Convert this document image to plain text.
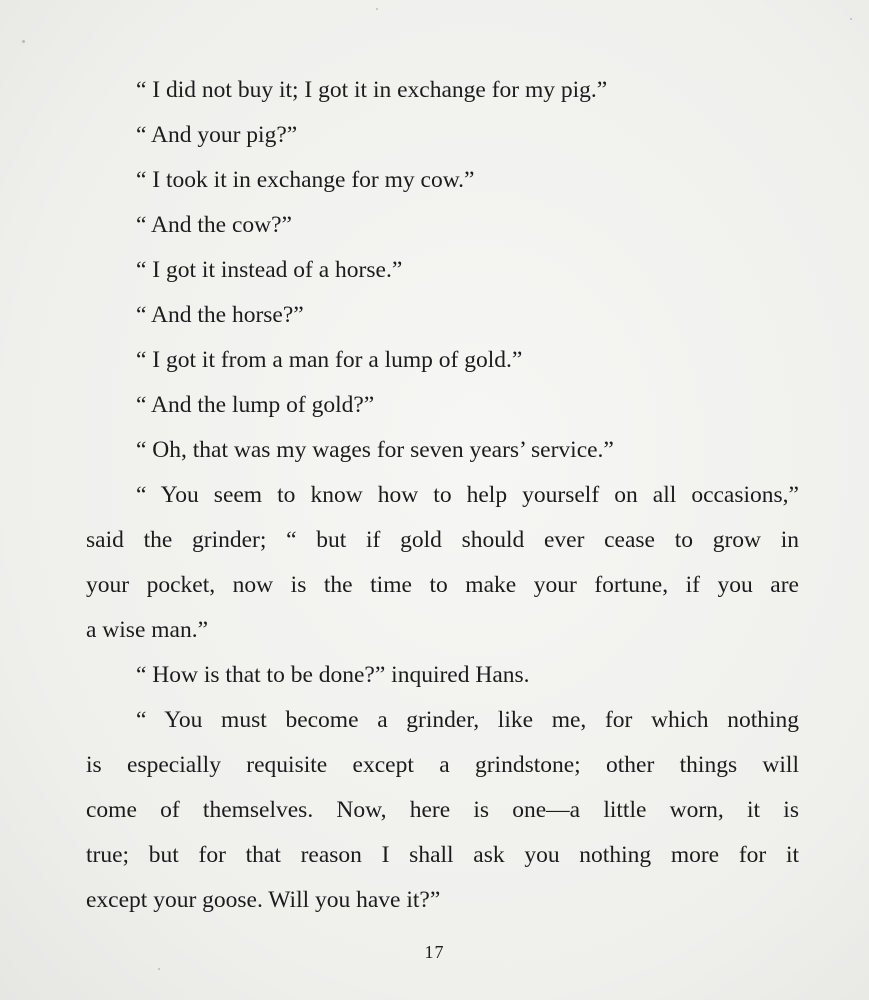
“ I did not buy it; I got it in exchange for my pig.”
“ And your pig?”
“ I took it in exchange for my cow.”
“ And the cow?”
“ I got it instead of a horse.”
“ And the horse?”
“ I got it from a man for a lump of gold.”
“ And the lump of gold?”
“ Oh, that was my wages for seven years’ service.”
“ You seem to know how to help yourself on all occasions,”
said the grinder; “ but if gold should ever cease to grow in
your pocket, now is the time to make your fortune, if you are
a wise man.”
“ How is that to be done?” inquired Hans.
“ You must become a grinder, like me, for which nothing
is especially requisite except a grindstone; other things will
come of themselves. Now, here is one—a little worn, it is
true; but for that reason I shall ask you nothing more for it
except your goose. Will you have it?”
17
